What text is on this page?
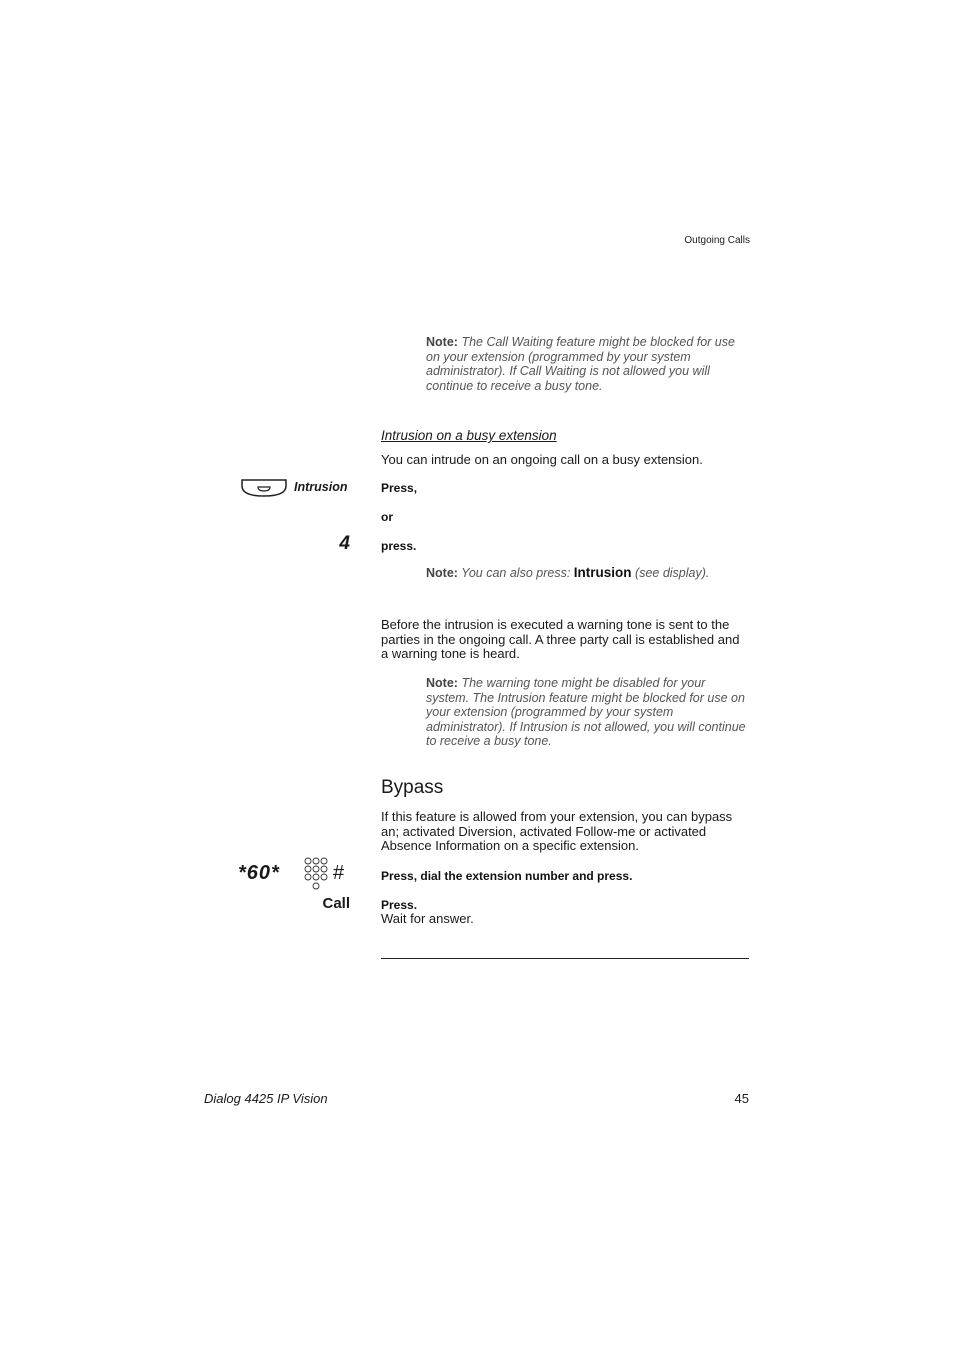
Outgoing Calls
Note: The Call Waiting feature might be blocked for use on your extension (programmed by your system administrator). If Call Waiting is not allowed you will continue to receive a busy tone.
Intrusion on a busy extension
You can intrude on an ongoing call on a busy extension.
Intrusion	Press,
or
4	press.
Note: You can also press: Intrusion (see display).
Before the intrusion is executed a warning tone is sent to the parties in the ongoing call. A three party call is established and a warning tone is heard.
Note: The warning tone might be disabled for your system. The Intrusion feature might be blocked for use on your extension (programmed by your system administrator). If Intrusion is not allowed, you will continue to receive a busy tone.
Bypass
If this feature is allowed from your extension, you can bypass an; activated Diversion, activated Follow-me or activated Absence Information on a specific extension.
*60*	#	Press, dial the extension number and press.
Call	Press.
Wait for answer.
Dialog 4425 IP Vision	45
